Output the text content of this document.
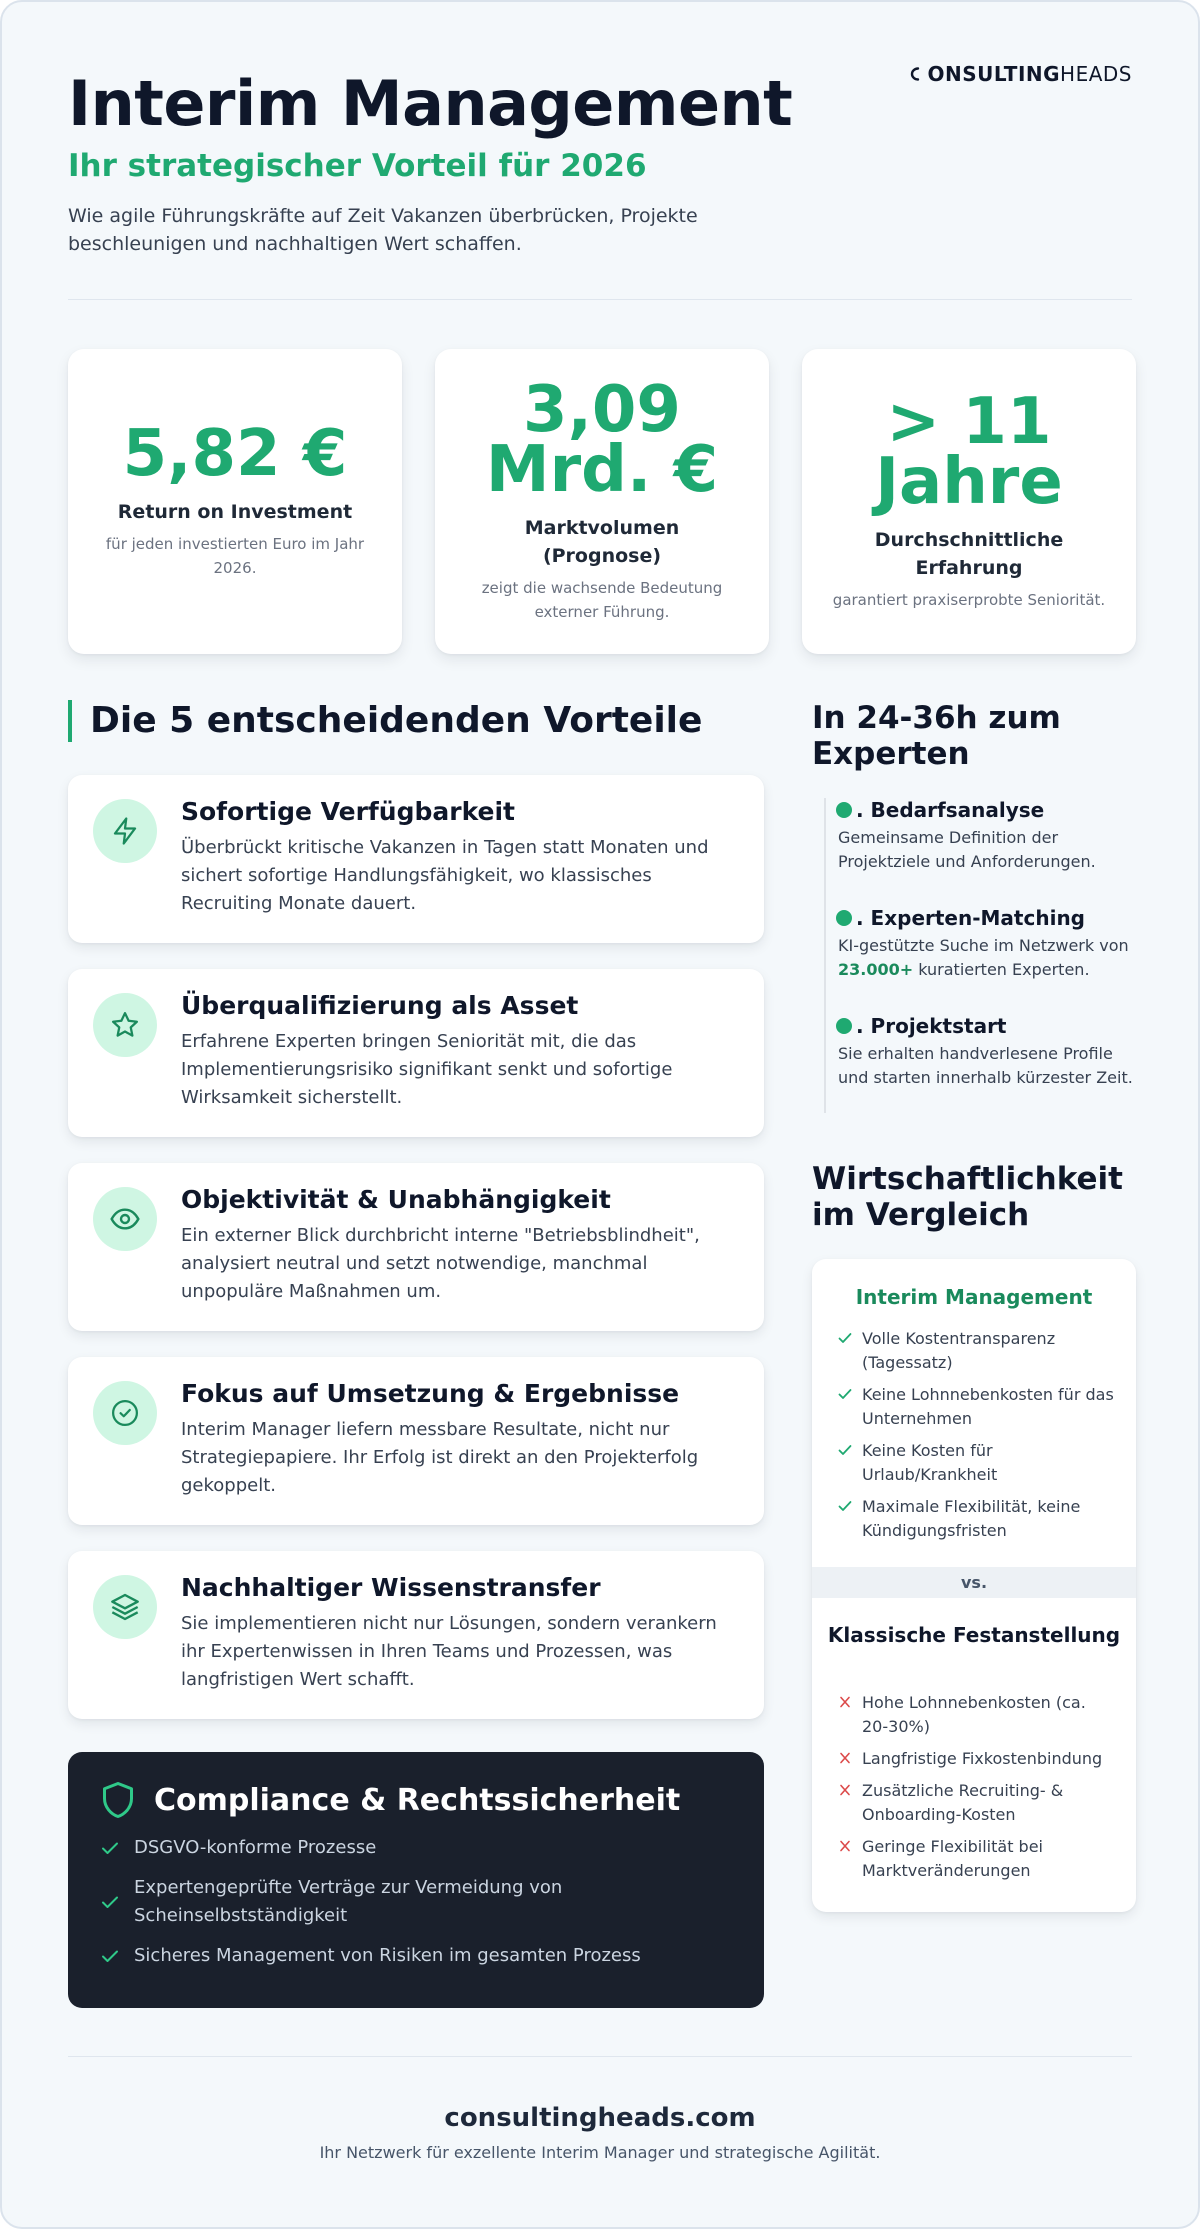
ONSULTING HEADS
Interim Management
Ihr strategischer Vorteil für 2026

Wie agile Führungskräfte auf Zeit Vakanzen überbrücken, Projekte beschleunigen und nachhaltigen Wert schaffen.

5,82 €
Return on Investment
für jeden investierten Euro im Jahr 2026.
3,09 Mrd. €
Marktvolumen (Prognose)
zeigt die wachsende Bedeutung externer Führung.
> 11 Jahre
Durchschnittliche Erfahrung
garantiert praxiserprobte Seniorität.
Die 5 entscheidenden Vorteile
Sofortige Verfügbarkeit

Überbrückt kritische Vakanzen in Tagen statt Monaten und sichert sofortige Handlungsfähigkeit, wo klassisches Recruiting Monate dauert.

Überqualifizierung als Asset

Erfahrene Experten bringen Seniorität mit, die das Implementierungsrisiko signifikant senkt und sofortige Wirksamkeit sicherstellt.

Objektivität & Unabhängigkeit

Ein externer Blick durchbricht interne "Betriebsblindheit", analysiert neutral und setzt notwendige, manchmal unpopuläre Maßnahmen um.

Fokus auf Umsetzung & Ergebnisse

Interim Manager liefern messbare Resultate, nicht nur Strategiepapiere. Ihr Erfolg ist direkt an den Projekterfolg gekoppelt.

Nachhaltiger Wissenstransfer

Sie implementieren nicht nur Lösungen, sondern verankern ihr Expertenwissen in Ihren Teams und Prozessen, was langfristigen Wert schafft.

Compliance & Rechtssicherheit
DSGVO-konforme Prozesse
Expertengeprüfte Verträge zur Vermeidung von Scheinselbstständigkeit
Sicheres Management von Risiken im gesamten Prozess
In 24-36h zum Experten
. Bedarfsanalyse
Gemeinsame Definition der Projektziele und Anforderungen.
. Experten-Matching
KI-gestützte Suche im Netzwerk von 23.000+ kuratierten Experten.
. Projektstart
Sie erhalten handverlesene Profile und starten innerhalb kürzester Zeit.
Wirtschaftlichkeit im Vergleich
Interim Management
Volle Kostentransparenz (Tagessatz)
Keine Lohnnebenkosten für das Unternehmen
Keine Kosten für Urlaub/Krankheit
Maximale Flexibilität, keine Kündigungsfristen
vs.
Klassische Festanstellung
Hohe Lohnnebenkosten (ca. 20-30%)
Langfristige Fixkostenbindung
Zusätzliche Recruiting- & Onboarding-Kosten
Geringe Flexibilität bei Marktveränderungen
consultingheads.com
Ihr Netzwerk für exzellente Interim Manager und strategische Agilität.
